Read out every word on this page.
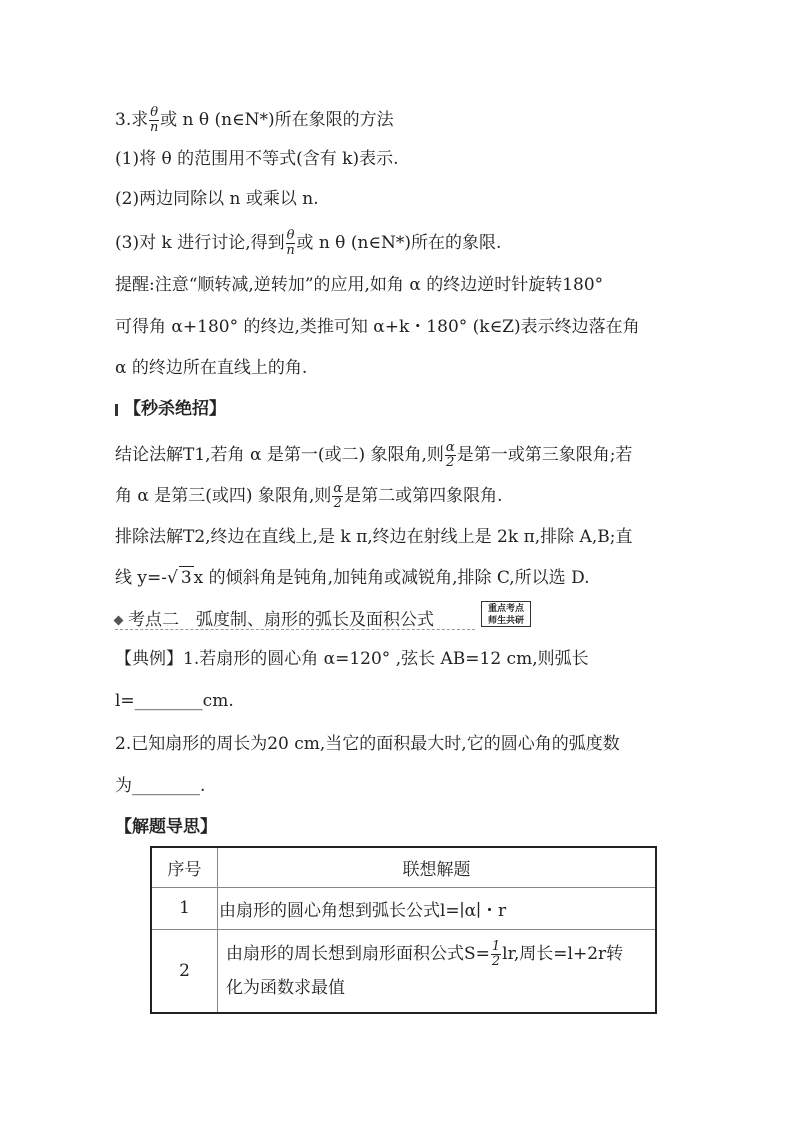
3.求 $\frac{\theta}{n}$ 或 n θ (n∈N*)所在象限的方法
(1)将 θ 的范围用不等式(含有 k)表示.
(2)两边同除以 n 或乘以 n.
(3)对 k 进行讨论,得到 $\frac{\theta}{n}$ 或 n θ (n∈N*)所在的象限.
提醒:注意“顺转减,逆转加”的应用,如角 α 的终边逆时针旋转180°
可得角 α+180° 的终边,类推可知 α+k・180° (k∈Z)表示终边落在角
α 的终边所在直线上的角.
【秒杀绝招】
结论法解T1,若角 α 是第一(或二) 象限角,则 $\frac{\alpha}{2}$ 是第一或第三象限角;若
角 α 是第三(或四) 象限角,则 $\frac{\alpha}{2}$ 是第二或第四象限角.
排除法解T2,终边在直线上,是 k π,终边在射线上是 2k π,排除 A,B;直
线 y=-√ 3 x 的倾斜角是钝角,加钝角或减锐角,排除 C,所以选 D.
考点二　弧度制、扇形的弧长及面积公式
重点考点
师生共研
【典例】1.若扇形的圆心角 α=120° ,弦长 AB=12 cm,则弧长
l=________cm.
2.已知扇形的周长为20 cm,当它的面积最大时,它的圆心角的弧度数
为________.
【解题导思】
序号	联想解题
1	由扇形的圆心角想到弧长公式l=∣α∣・r
2	由扇形的周长想到扇形面积公式$S= \frac{1}{2}$ lr,周长=l+2r转
化为函数求最值
